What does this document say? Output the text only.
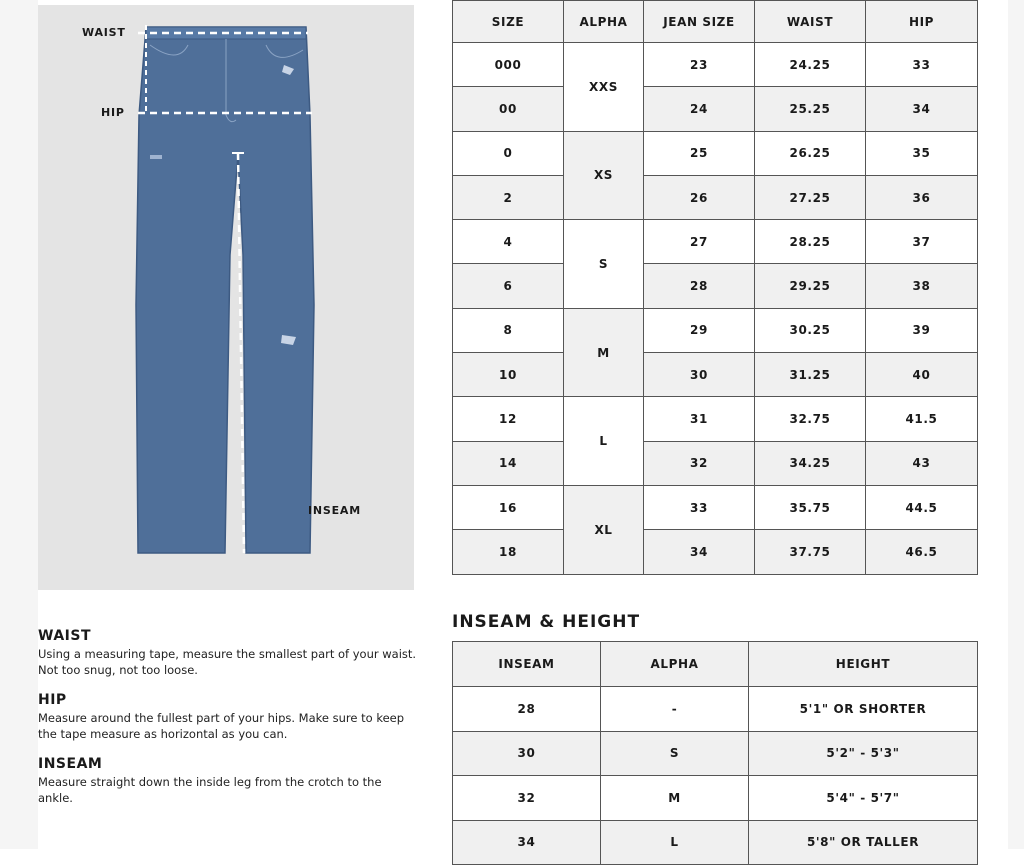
WAIST
HIP
INSEAM
WAIST

Using a measuring tape, measure the smallest part of your waist. Not too snug, not too loose.

HIP

Measure around the fullest part of your hips. Make sure to keep the tape measure as horizontal as you can.

INSEAM

Measure straight down the inside leg from the crotch to the ankle.

SIZE	ALPHA	JEAN SIZE	WAIST	HIP
000	XXS	23	24.25	33
00		24	25.25	34
0	XS	25	26.25	35
2		26	27.25	36
4	S	27	28.25	37
6		28	29.25	38
8	M	29	30.25	39
10		30	31.25	40
12	L	31	32.75	41.5
14		32	34.25	43
16	XL	33	35.75	44.5
18		34	37.75	46.5
INSEAM & HEIGHT
INSEAM	ALPHA	HEIGHT
28	-	5'1" OR SHORTER
30	S	5'2" - 5'3"
32	M	5'4" - 5'7"
34	L	5'8" OR TALLER
